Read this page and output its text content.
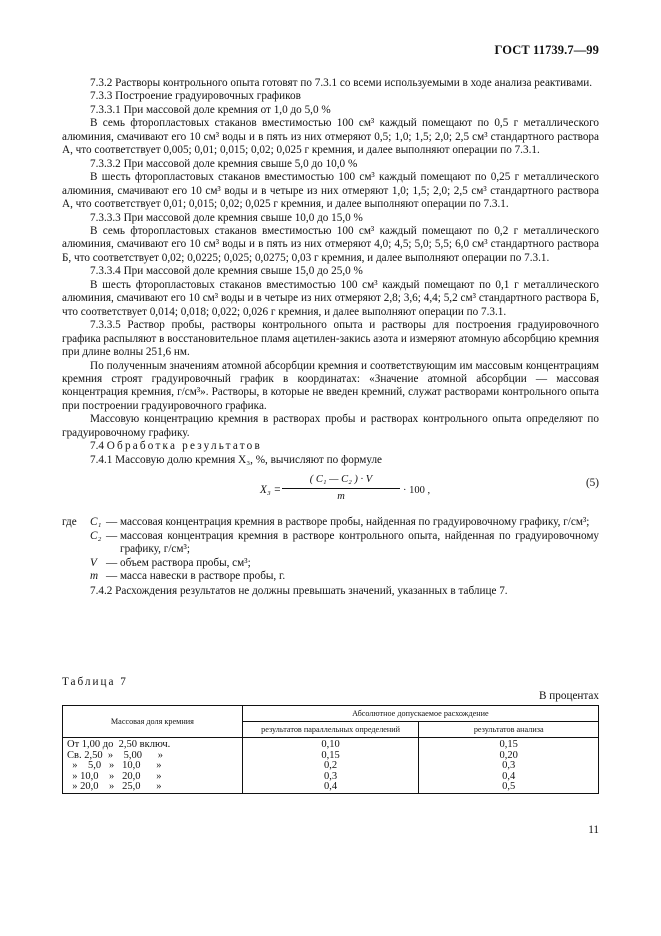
ГОСТ 11739.7—99

7.3.2 Растворы контрольного опыта готовят по 7.3.1 со всеми используемыми в ходе анализа реактивами.

7.3.3 Построение градуировочных графиков

7.3.3.1 При массовой доле кремния от 1,0 до 5,0 %

В семь фторопластовых стаканов вместимостью 100 см³ каждый помещают по 0,5 г металлического алюминия, смачивают его 10 см³ воды и в пять из них отмеряют 0,5; 1,0; 1,5; 2,0; 2,5 см³ стандартного раствора А, что соответствует 0,005; 0,01; 0,015; 0,02; 0,025 г кремния, и далее выполняют операции по 7.3.1.

7.3.3.2 При массовой доле кремния свыше 5,0 до 10,0 %

В шесть фторопластовых стаканов вместимостью 100 см³ каждый помещают по 0,25 г металлического алюминия, смачивают его 10 см³ воды и в четыре из них отмеряют 1,0; 1,5; 2,0; 2,5 см³ стандартного раствора А, что соответствует 0,01; 0,015; 0,02; 0,025 г кремния, и далее выполняют операции по 7.3.1.

7.3.3.3 При массовой доле кремния свыше 10,0 до 15,0 %

В семь фторопластовых стаканов вместимостью 100 см³ каждый помещают по 0,2 г металлического алюминия, смачивают его 10 см³ воды и в пять из них отмеряют 4,0; 4,5; 5,0; 5,5; 6,0 см³ стандартного раствора Б, что соответствует 0,02; 0,0225; 0,025; 0,0275; 0,03 г кремния, и далее выполняют операции по 7.3.1.

7.3.3.4 При массовой доле кремния свыше 15,0 до 25,0 %

В шесть фторопластовых стаканов вместимостью 100 см³ каждый помещают по 0,1 г металлического алюминия, смачивают его 10 см³ воды и в четыре из них отмеряют 2,8; 3,6; 4,4; 5,2 см³ стандартного раствора Б, что соответствует 0,014; 0,018; 0,022; 0,026 г кремния, и далее выполняют операции по 7.3.1.

7.3.3.5 Раствор пробы, растворы контрольного опыта и растворы для построения градуировочного графика распыляют в восстановительное пламя ацетилен-закись азота и измеряют атомную абсорбцию кремния при длине волны 251,6 нм.

По полученным значениям атомной абсорбции кремния и соответствующим им массовым концентрациям кремния строят градуировочный график в координатах: «Значение атомной абсорбции — массовая концентрация кремния, г/см³». Растворы, в которые не введен кремний, служат растворами контрольного опыта при построении градуировочного графика.

Массовую концентрацию кремния в растворах пробы и растворах контрольного опыта определяют по градуировочному графику.

7.4 Обработка результатов

7.4.1 Массовую долю кремния X₃, %, вычисляют по формуле

$X_3 = \frac{\text{( C₁ — C₂ ) · V}}{m} \cdot 100$ ,
(5)
где	C₁ — массовая концентрация кремния в растворе пробы, найденная по градуировочному графику, г/см³;
C₂ — массовая концентрация кремния в растворе контрольного опыта, найденная по градуировочному графику, г/см³;
V — объем раствора пробы, см³;
m — масса навески в растворе пробы, г.

7.4.2 Расхождения результатов не должны превышать значений, указанных в таблице 7.

Таблица 7
В процентах
Массовая доля кремния	Абсолютное допускаемое расхождение	
	результатов параллельных определений	результатов анализа
От 1,00 до  2,50 включ.	0,10	0,15
Св. 2,50  »    5,00      »	0,15	0,20
»    5,0   »   10,0      »	0,2	0,3
» 10,0    »   20,0      »	0,3	0,4
» 20,0    »   25,0      »	0,4	0,5
11
